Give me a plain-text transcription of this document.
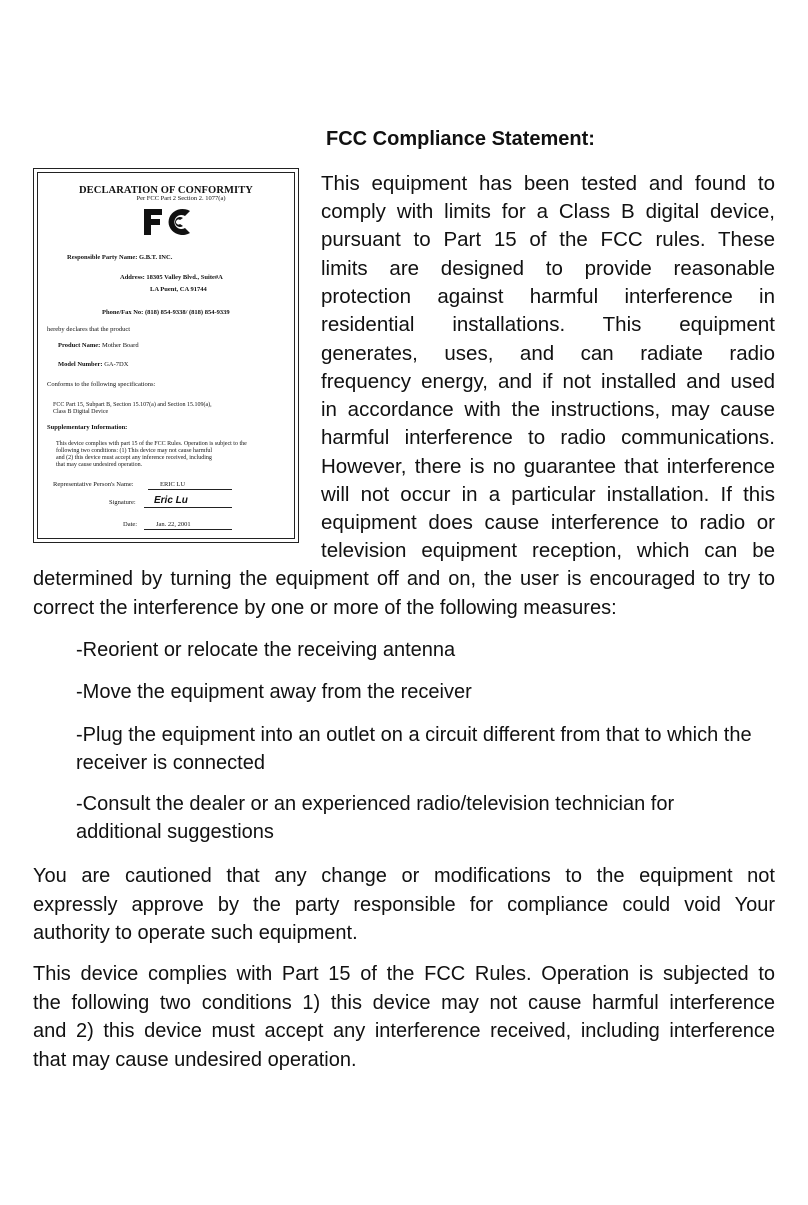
DECLARATION OF CONFORMITY
Per FCC Part 2 Section 2. 1077(a)
Responsible Party Name: G.B.T. INC.
Address: 18305 Valley Blvd., Suite#A
LA Puent, CA 91744
Phone/Fax No: (818) 854-9338/ (818) 854-9339
hereby declares that the product
Product Name: Mother Board
Model Number: GA-7DX
Conforms to the following specifications:
FCC Part 15, Subpart B, Section 15.107(a) and Section 15.109(a),
Class B Digital Device
Supplementary Information:
This device complies with part 15 of the FCC Rules. Operation is subject to the
following two conditions: (1) This device may not cause harmful
and (2) this device must accept any inference received, including
that may cause undesired operation.
Representative Person's Name:	ERIC LU
Signature: Eric Lu
Date:	Jan. 22, 2001
FCC Compliance Statement:
This equipment has been tested and found to
comply with limits for a Class B digital device,
pursuant to Part 15 of the FCC rules. These
limits are designed to provide reasonable
protection against harmful interference in
residential installations. This equipment
generates, uses, and can radiate radio
frequency energy, and if not installed and used
in accordance with the instructions, may cause
harmful interference to radio communications.
However, there is no guarantee that interference
will not occur in a particular installation. If this
equipment does cause interference to radio or
television equipment reception, which can be
determined by turning the equipment off and on, the user is encouraged to try to
correct the interference by one or more of the following measures:
-Reorient or relocate the receiving antenna
-Move the equipment away from the receiver
-Plug the equipment into an outlet on a circuit different from that to which the receiver is connected
-Consult the dealer or an experienced radio/television technician for additional suggestions
You are cautioned that any change or modifications to the equipment not
expressly approve by the party responsible for compliance could void Your
authority to operate such equipment.
This device complies with Part 15 of the FCC Rules. Operation is subjected to
the following two conditions 1) this device may not cause harmful interference
and 2) this device must accept any interference received, including interference
that may cause undesired operation.
